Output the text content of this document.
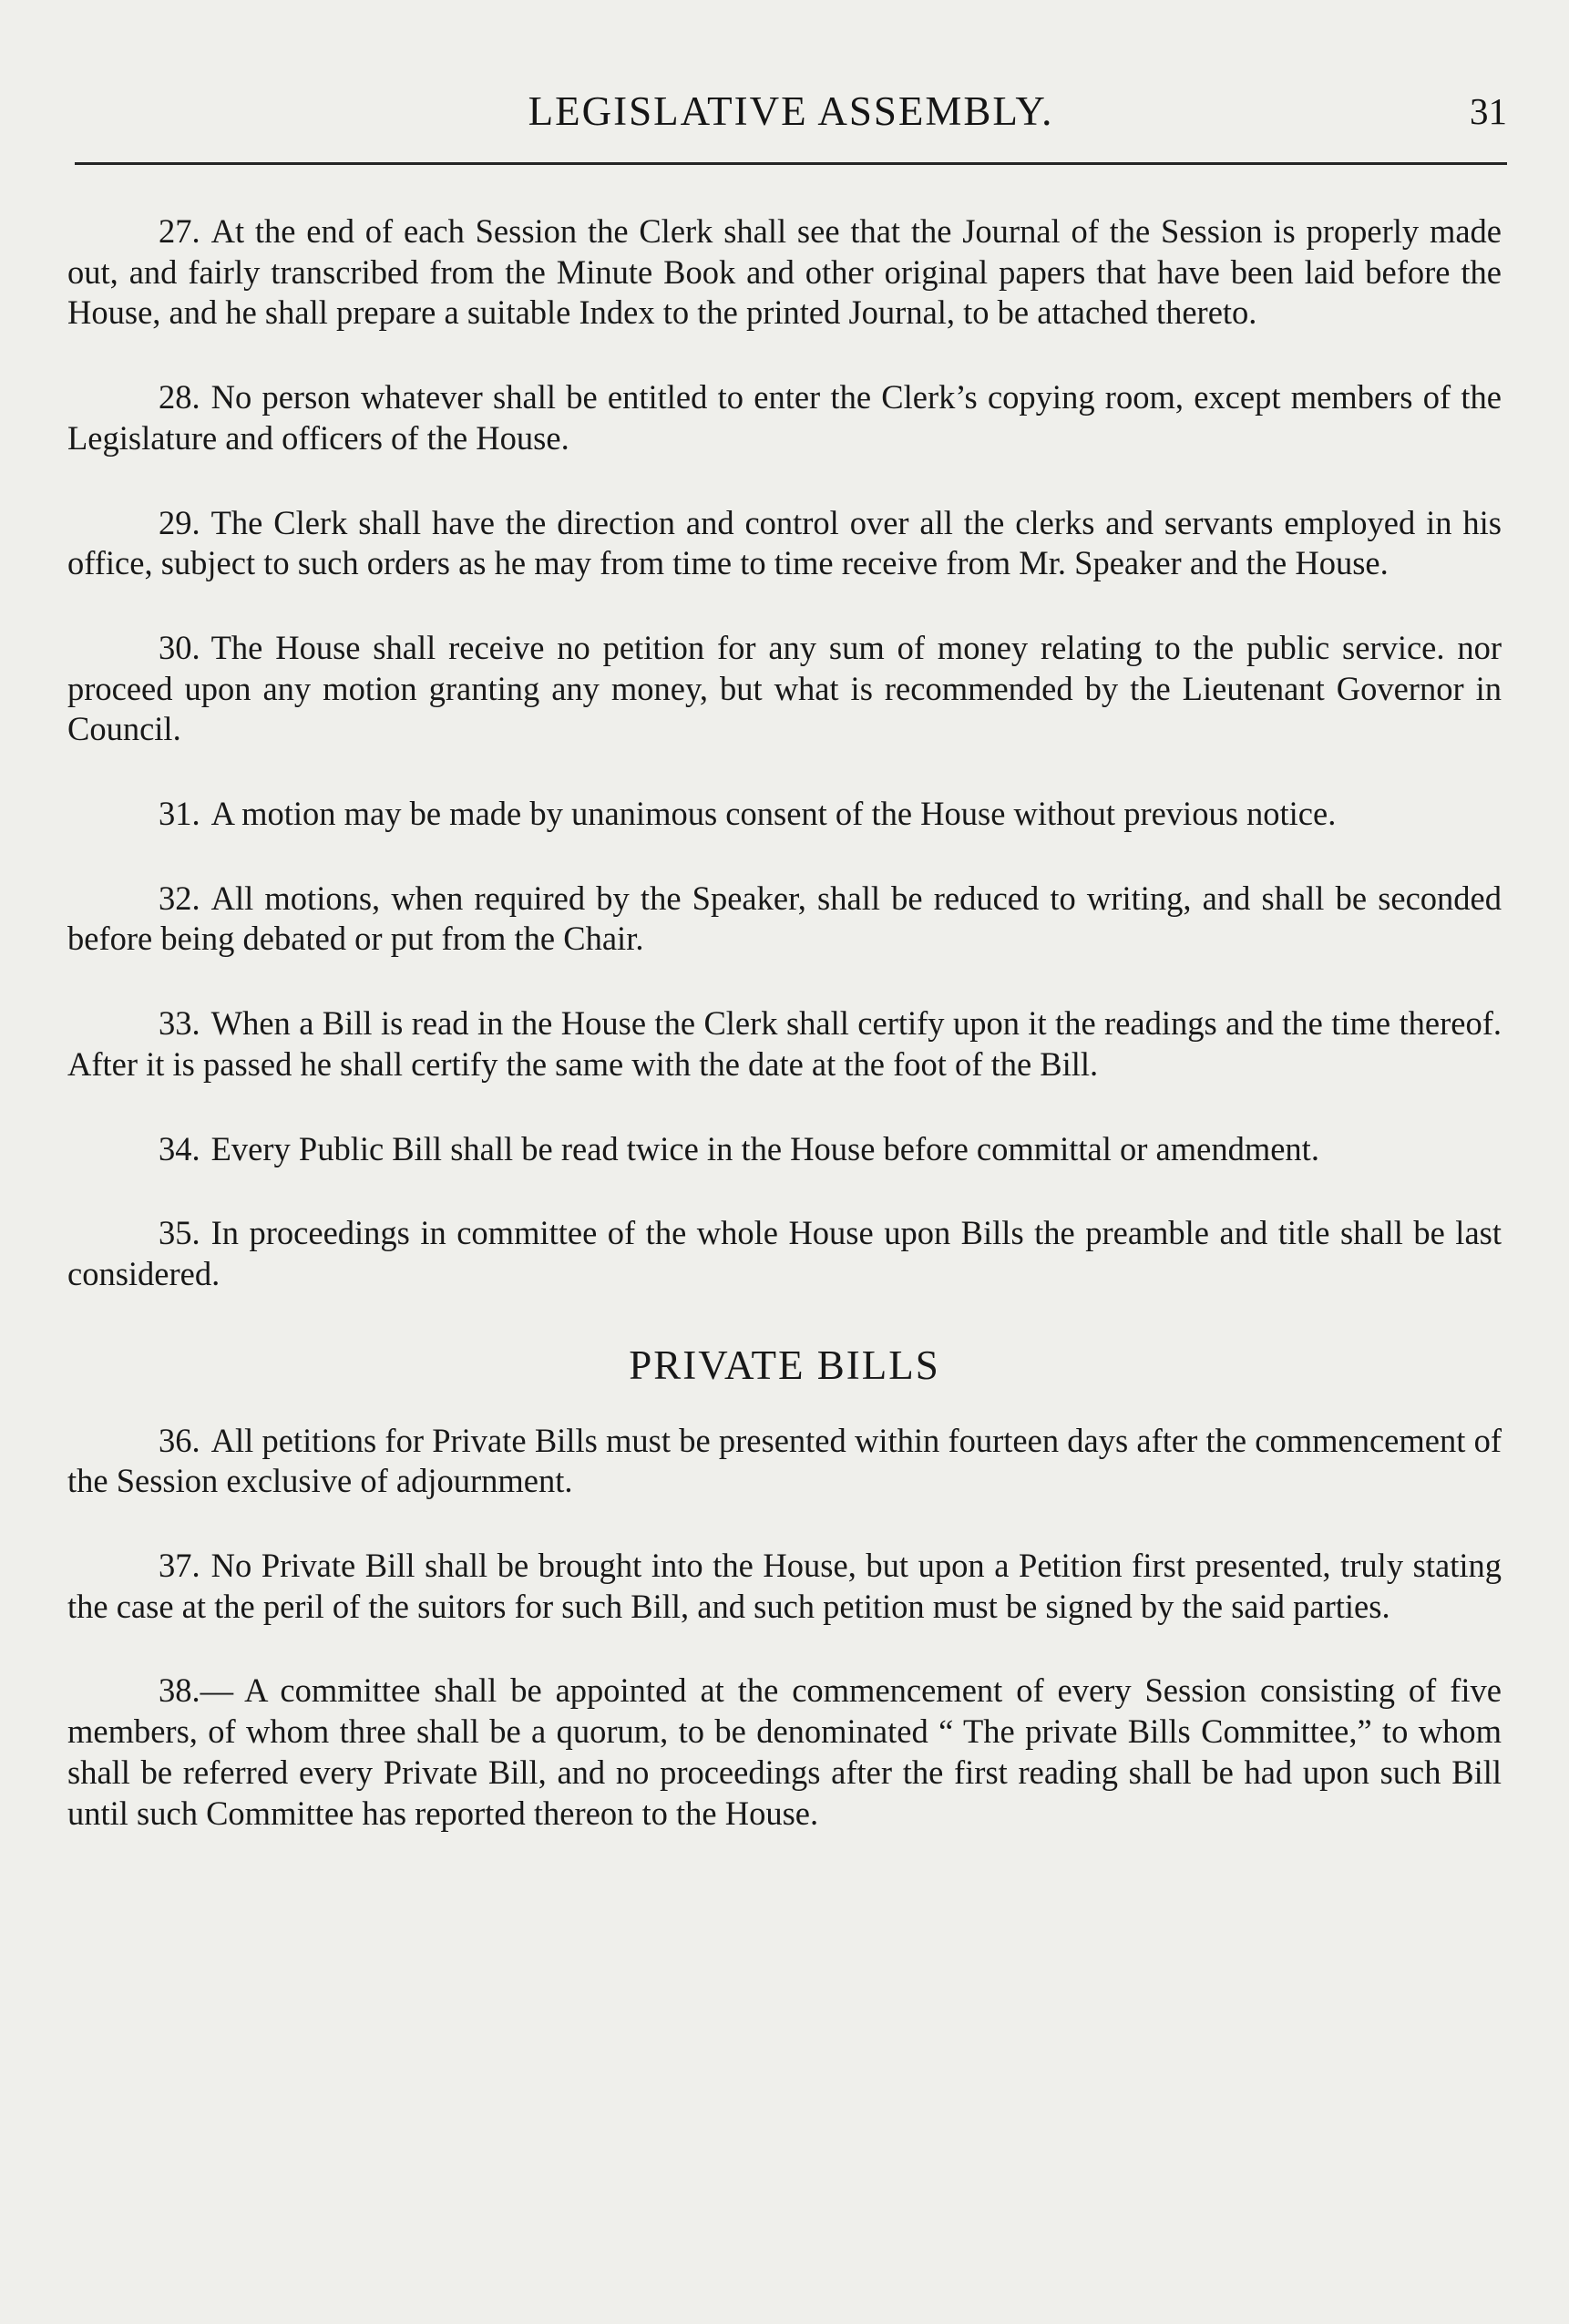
LEGISLATIVE ASSEMBLY.	31

27. At the end of each Session the Clerk shall see that the Journal of the Session is properly made out, and fairly transcribed from the Minute Book and other original papers that have been laid before the House, and he shall prepare a suitable Index to the printed Journal, to be attached thereto.

28. No person whatever shall be entitled to enter the Clerk’s copying room, except members of the Legislature and officers of the House.

29. The Clerk shall have the direction and control over all the clerks and servants employed in his office, subject to such orders as he may from time to time receive from Mr. Speaker and the House.

30. The House shall receive no petition for any sum of money relating to the public service. nor proceed upon any motion granting any money, but what is recommended by the Lieutenant Governor in Council.

31. A motion may be made by unanimous consent of the House without previous notice.

32. All motions, when required by the Speaker, shall be reduced to writing, and shall be seconded before being debated or put from the Chair.

33. When a Bill is read in the House the Clerk shall certify upon it the readings and the time thereof. After it is passed he shall certify the same with the date at the foot of the Bill.

34. Every Public Bill shall be read twice in the House before committal or amendment.

35. In proceedings in committee of the whole House upon Bills the preamble and title shall be last considered.

PRIVATE BILLS

36. All petitions for Private Bills must be presented within fourteen days after the commencement of the Session exclusive of adjournment.

37. No Private Bill shall be brought into the House, but upon a Petition first presented, truly stating the case at the peril of the suitors for such Bill, and such petition must be signed by the said parties.

38.— A committee shall be appointed at the commencement of every Session consisting of five members, of whom three shall be a quorum, to be denominated “ The private Bills Committee,” to whom shall be referred every Private Bill, and no proceedings after the first reading shall be had upon such Bill until such Committee has reported thereon to the House.
